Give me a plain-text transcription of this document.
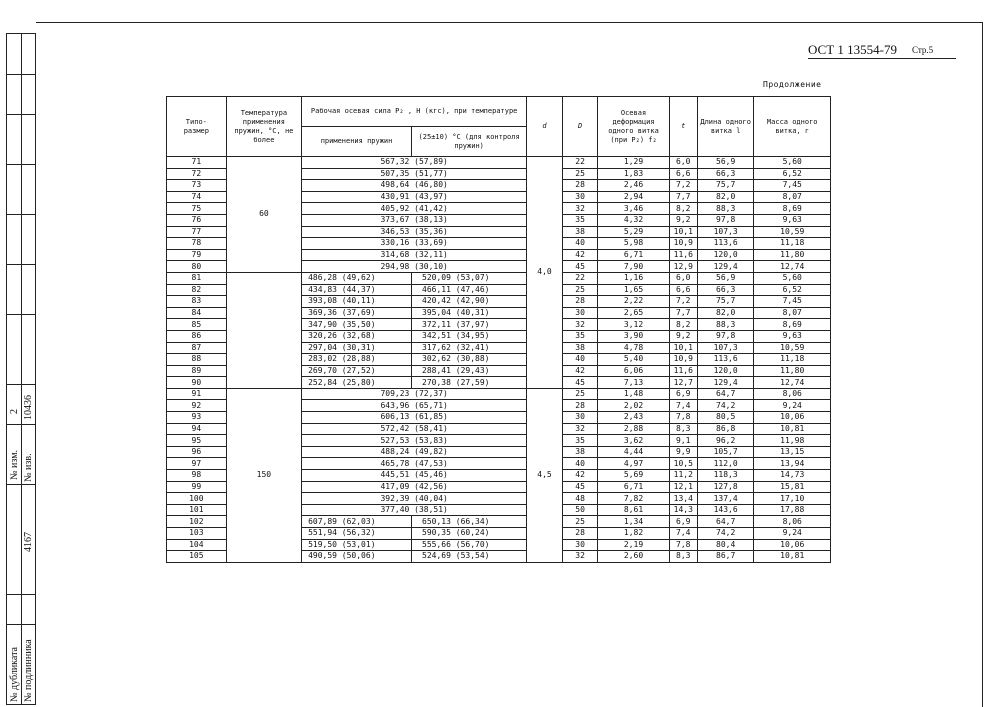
№ изм. № изв.
2 10436
4167
№ дубликата № подлинника
ОСТ 1 13554-79 Стр.5
Продолжение
Типо-
размер	Температура применения пружин, °С, не более	Рабочая осевая сила P₂ , Н (кгс), при температуре		d	D	Осевая деформация одного витка (при P₂) f₂	t	Длина одного витка l	Масса одного витка, г
		применения пружин	(25±10) °С (для контроля пружин)						
71	60	567,32 (57,89)		4,0	22	1,29	6,0	56,9	5,60
72		507,35 (51,77)			25	1,83	6,6	66,3	6,52
73		498,64 (46,80)			28	2,46	7,2	75,7	7,45
74		430,91 (43,97)			30	2,94	7,7	82,0	8,07
75		405,92 (41,42)			32	3,46	8,2	88,3	8,69
76		373,67 (38,13)			35	4,32	9,2	97,8	9,63
77		346,53 (35,36)			38	5,29	10,1	107,3	10,59
78		330,16 (33,69)			40	5,98	10,9	113,6	11,18
79		314,68 (32,11)			42	6,71	11,6	120,0	11,80
80		294,98 (30,10)			45	7,90	12,9	129,4	12,74
81		486,28 (49,62)	520,09 (53,07)		22	1,16	6,0	56,9	5,60
82		434,83 (44,37)	466,11 (47,46)		25	1,65	6,6	66,3	6,52
83		393,08 (40,11)	420,42 (42,90)		28	2,22	7,2	75,7	7,45
84		369,36 (37,69)	395,04 (40,31)		30	2,65	7,7	82,0	8,07
85		347,90 (35,50)	372,11 (37,97)		32	3,12	8,2	88,3	8,69
86		320,26 (32,68)	342,51 (34,95)		35	3,90	9,2	97,8	9,63
87		297,04 (30,31)	317,62 (32,41)		38	4,78	10,1	107,3	10,59
88		283,02 (28,88)	302,62 (30,88)		40	5,40	10,9	113,6	11,18
89		269,70 (27,52)	288,41 (29,43)		42	6,06	11,6	120,0	11,80
90		252,84 (25,80)	270,38 (27,59)		45	7,13	12,7	129,4	12,74
91	150	709,23 (72,37)		4,5	25	1,48	6,9	64,7	8,06
92		643,96 (65,71)			28	2,02	7,4	74,2	9,24
93		606,13 (61,85)			30	2,43	7,8	80,5	10,06
94		572,42 (58,41)			32	2,88	8,3	86,8	10,81
95		527,53 (53,83)			35	3,62	9,1	96,2	11,98
96		488,24 (49,82)			38	4,44	9,9	105,7	13,15
97		465,78 (47,53)			40	4,97	10,5	112,0	13,94
98		445,51 (45,46)			42	5,69	11,2	118,3	14,73
99		417,09 (42,56)			45	6,71	12,1	127,8	15,81
100		392,39 (40,04)			48	7,82	13,4	137,4	17,10
101		377,40 (38,51)			50	8,61	14,3	143,6	17,88
102		607,89 (62,03)	650,13 (66,34)		25	1,34	6,9	64,7	8,06
103		551,94 (56,32)	590,35 (60,24)		28	1,82	7,4	74,2	9,24
104		519,50 (53,01)	555,66 (56,70)		30	2,19	7,8	80,4	10,06
105		490,59 (50,06)	524,69 (53,54)		32	2,60	8,3	86,7	10,81
